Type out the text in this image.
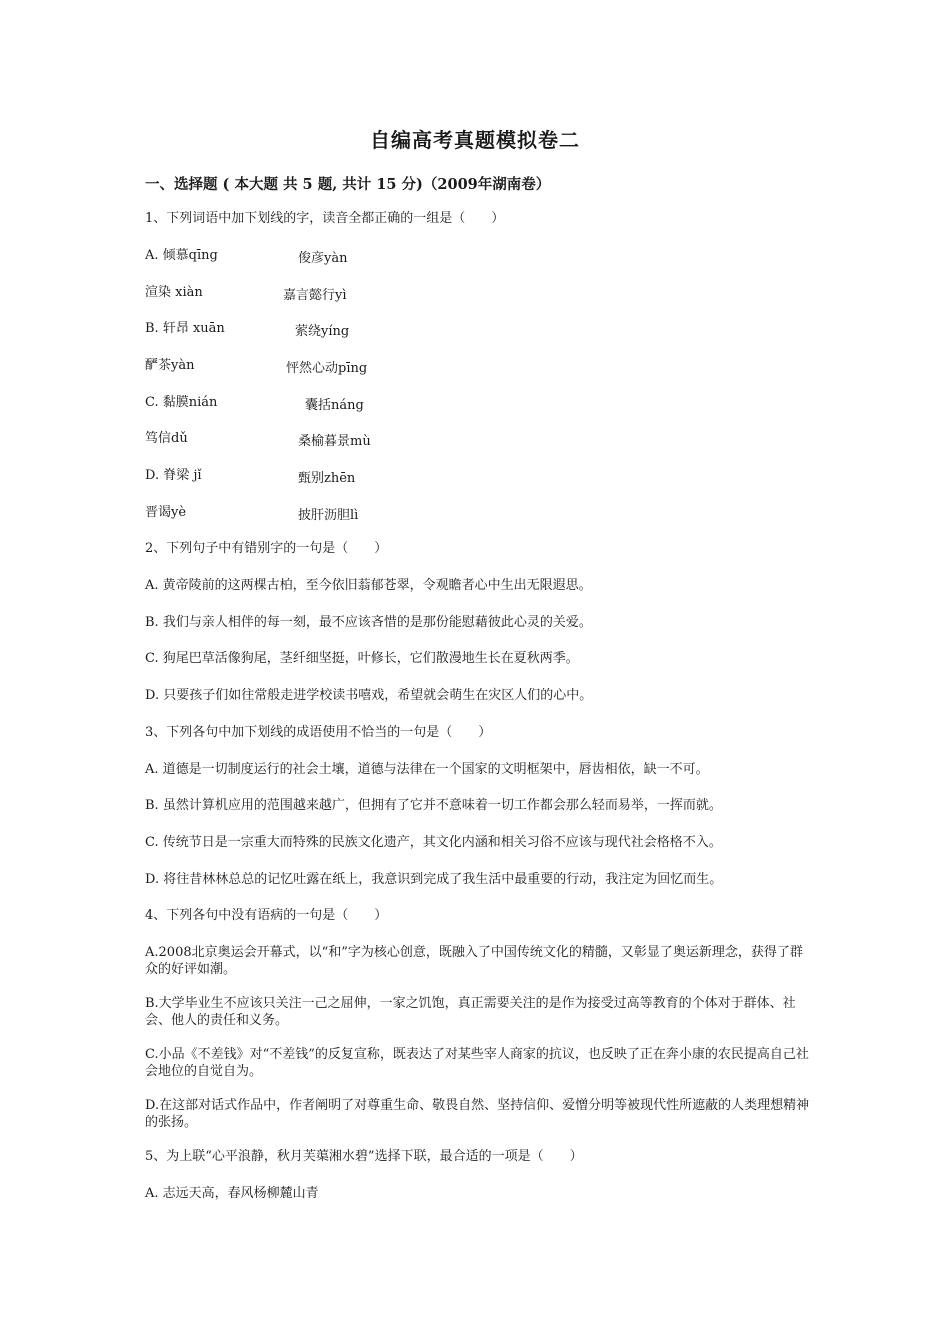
自编高考真题模拟卷二
一、选择题 ( 本大题 共 5 题, 共计 15 分)（2009年湖南卷）
1、下列词语中加下划线的字，读音全都正确的一组是（　　）
A. 倾慕qīng	俊彦yàn
渲染 xiàn	嘉言懿行yì
B. 轩昂 xuān	萦绕yíng
酽茶yàn	怦然心动pīng
C. 黏膜nián	囊括náng
笃信dǔ	桑榆暮景mù
D. 脊梁 jǐ	甄别zhēn
晋谒yè	披肝沥胆lì
2、下列句子中有错别字的一句是（　　）
A. 黄帝陵前的这两棵古柏，至今依旧蓊郁苍翠，令观瞻者心中生出无限遐思。
B. 我们与亲人相伴的每一刻，最不应该吝惜的是那份能慰藉彼此心灵的关爱。
C. 狗尾巴草活像狗尾，茎纤细坚挺，叶修长，它们散漫地生长在夏秋两季。
D. 只要孩子们如往常般走进学校读书嘻戏，希望就会萌生在灾区人们的心中。
3、下列各句中加下划线的成语使用不恰当的一句是（　　）
A. 道德是一切制度运行的社会土壤，道德与法律在一个国家的文明框架中，唇齿相依，缺一不可。
B. 虽然计算机应用的范围越来越广，但拥有了它并不意味着一切工作都会那么轻而易举，一挥而就。
C. 传统节日是一宗重大而特殊的民族文化遗产，其文化内涵和相关习俗不应该与现代社会格格不入。
D. 将往昔林林总总的记忆吐露在纸上，我意识到完成了我生活中最重要的行动，我注定为回忆而生。
4、下列各句中没有语病的一句是（　　）
A.2008北京奥运会开幕式，以“和”字为核心创意，既融入了中国传统文化的精髓，又彰显了奥运新理念，获得了群众的好评如潮。
B.大学毕业生不应该只关注一己之屈伸，一家之饥饱，真正需要关注的是作为接受过高等教育的个体对于群体、社会、他人的责任和义务。
C.小品《不差钱》对“不差钱”的反复宣称，既表达了对某些宰人商家的抗议，也反映了正在奔小康的农民提高自己社会地位的自觉自为。
D.在这部对话式作品中，作者阐明了对尊重生命、敬畏自然、坚持信仰、爱憎分明等被现代性所遮蔽的人类理想精神的张扬。
5、为上联“心平浪静，秋月芙蕖湘水碧”选择下联，最合适的一项是（　　）
A. 志远天高，春风杨柳麓山青
